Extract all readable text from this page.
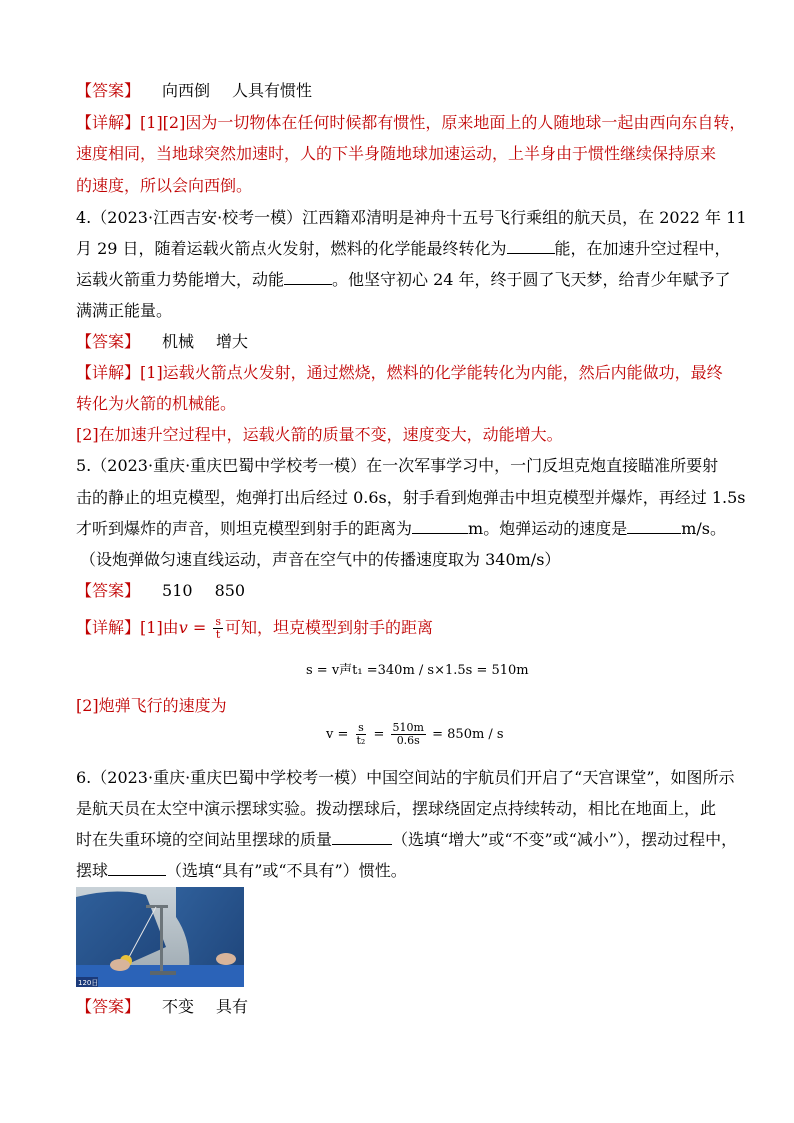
【答案】 向西倒 人具有惯性
【详解】[1][2]因为一切物体在任何时候都有惯性，原来地面上的人随地球一起由西向东自转，
速度相同，当地球突然加速时，人的下半身随地球加速运动，上半身由于惯性继续保持原来
的速度，所以会向西倒。
4.（2023·江西吉安·校考一模）江西籍邓清明是神舟十五号飞行乘组的航天员，在 2022 年 11
月 29 日，随着运载火箭点火发射，燃料的化学能最终转化为	能，在加速升空过程中，
运载火箭重力势能增大，动能	。他坚守初心 24 年，终于圆了飞天梦，给青少年赋予了
满满正能量。
【答案】 机械 增大
【详解】[1]运载火箭点火发射，通过燃烧，燃料的化学能转化为内能，然后内能做功，最终
转化为火箭的机械能。
[2]在加速升空过程中，运载火箭的质量不变，速度变大，动能增大。
5.（2023·重庆·重庆巴蜀中学校考一模）在一次军事学习中，一门反坦克炮直接瞄准所要射
击的静止的坦克模型，炮弹打出后经过 0.6s，射手看到炮弹击中坦克模型并爆炸，再经过 1.5s
才听到爆炸的声音，则坦克模型到射手的距离为	m。炮弹运动的速度是	m/s。
（设炮弹做匀速直线运动，声音在空气中的传播速度取为 340m/s）
【答案】 510 850
【详解】[1]由$v = \frac{s}{t}$ 可知，坦克模型到射手的距离
s = v声t₁ =340m / s×1.5s = 510m
[2]炮弹飞行的速度为
$v = \frac{s}{\text{t₂}} = \frac{510m}{0.6s} = 850m / s$
6.（2023·重庆·重庆巴蜀中学校考一模）中国空间站的宇航员们开启了“天宫课堂”，如图所示
是航天员在太空中演示摆球实验。拨动摆球后，摆球绕固定点持续转动，相比在地面上，此
时在失重环境的空间站里摆球的质量	（选填“增大”或“不变”或“减小”），摆动过程中，
摆球	（选填“具有”或“不具有”）惯性。
120日
【答案】 不变 具有
